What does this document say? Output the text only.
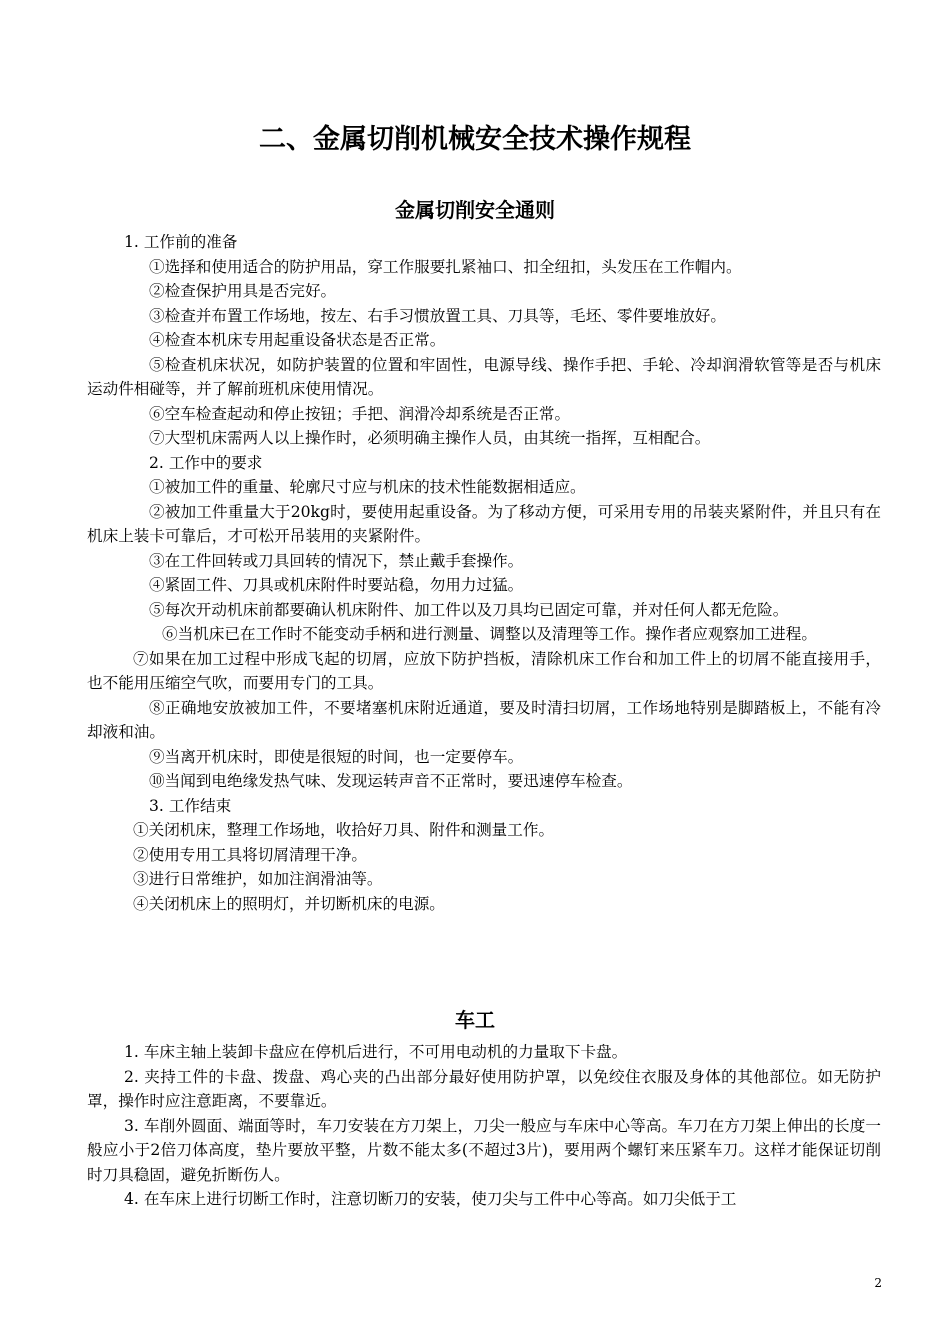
二、金属切削机械安全技术操作规程
金属切削安全通则

1. 工作前的准备

①选择和使用适合的防护用品，穿工作服要扎紧袖口、扣全纽扣，头发压在工作帽内。

②检查保护用具是否完好。

③检查并布置工作场地，按左、右手习惯放置工具、刀具等，毛坯、零件要堆放好。

④检查本机床专用起重设备状态是否正常。

⑤检查机床状况，如防护装置的位置和牢固性，电源导线、操作手把、手轮、冷却润滑软管等是否与机床运动件相碰等，并了解前班机床使用情况。

⑥空车检查起动和停止按钮；手把、润滑冷却系统是否正常。

⑦大型机床需两人以上操作时，必须明确主操作人员，由其统一指挥，互相配合。

2. 工作中的要求

①被加工件的重量、轮廓尺寸应与机床的技术性能数据相适应。

②被加工件重量大于20kg时，要使用起重设备。为了移动方便，可采用专用的吊装夹紧附件，并且只有在机床上装卡可靠后，才可松开吊装用的夹紧附件。

③在工件回转或刀具回转的情况下，禁止戴手套操作。

④紧固工件、刀具或机床附件时要站稳，勿用力过猛。

⑤每次开动机床前都要确认机床附件、加工件以及刀具均已固定可靠，并对任何人都无危险。

⑥当机床已在工作时不能变动手柄和进行测量、调整以及清理等工作。操作者应观察加工进程。

⑦如果在加工过程中形成飞起的切屑，应放下防护挡板，清除机床工作台和加工件上的切屑不能直接用手，也不能用压缩空气吹，而要用专门的工具。

⑧正确地安放被加工件，不要堵塞机床附近通道，要及时清扫切屑，工作场地特别是脚踏板上，不能有冷却液和油。

⑨当离开机床时，即使是很短的时间，也一定要停车。

⑩当闻到电绝缘发热气味、发现运转声音不正常时，要迅速停车检查。

3. 工作结束

①关闭机床，整理工作场地，收拾好刀具、附件和测量工作。

②使用专用工具将切屑清理干净。

③进行日常维护，如加注润滑油等。

④关闭机床上的照明灯，并切断机床的电源。

车工

1. 车床主轴上装卸卡盘应在停机后进行，不可用电动机的力量取下卡盘。

2. 夹持工件的卡盘、拨盘、鸡心夹的凸出部分最好使用防护罩，以免绞住衣服及身体的其他部位。如无防护罩，操作时应注意距离，不要靠近。

3. 车削外圆面、端面等时，车刀安装在方刀架上，刀尖一般应与车床中心等高。车刀在方刀架上伸出的长度一般应小于2倍刀体高度，垫片要放平整，片数不能太多(不超过3片)，要用两个螺钉来压紧车刀。这样才能保证切削时刀具稳固，避免折断伤人。

4. 在车床上进行切断工作时，注意切断刀的安装，使刀尖与工件中心等高。如刀尖低于工

2
